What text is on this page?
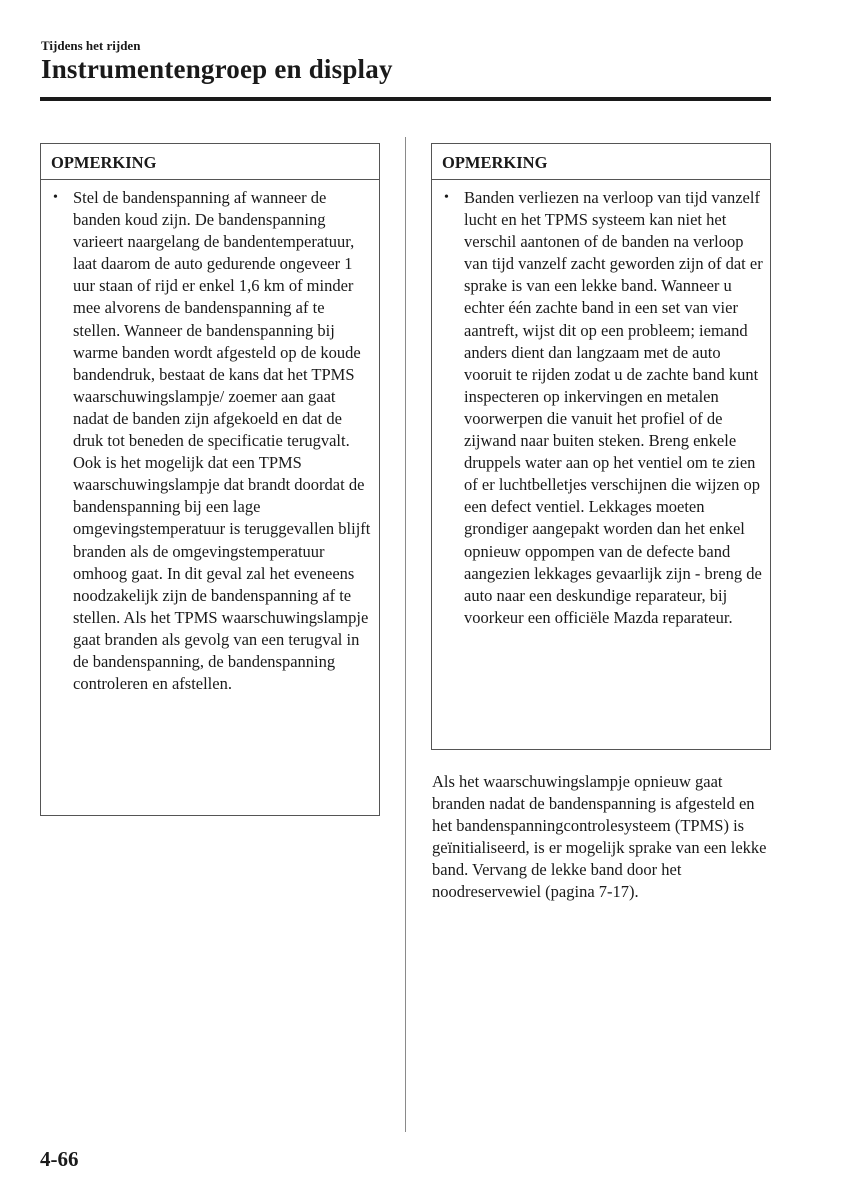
Tijdens het rijden

Instrumentengroep en display
OPMERKING
• Stel de bandenspanning af wanneer de banden koud zijn. De bandenspanning varieert naargelang de bandentemperatuur, laat daarom de auto gedurende ongeveer 1 uur staan of rijd er enkel 1,6 km of minder mee alvorens de bandenspanning af te stellen. Wanneer de bandenspanning bij warme banden wordt afgesteld op de koude bandendruk, bestaat de kans dat het TPMS waarschuwingslampje/ zoemer aan gaat nadat de banden zijn afgekoeld en dat de druk tot beneden de specificatie terugvalt.

Ook is het mogelijk dat een TPMS waarschuwingslampje dat brandt doordat de bandenspanning bij een lage omgevingstemperatuur is teruggevallen blijft branden als de omgevingstemperatuur omhoog gaat. In dit geval zal het eveneens noodzakelijk zijn de bandenspanning af te stellen. Als het TPMS waarschuwingslampje gaat branden als gevolg van een terugval in de bandenspanning, de bandenspanning controleren en afstellen.

OPMERKING
• Banden verliezen na verloop van tijd vanzelf lucht en het TPMS systeem kan niet het verschil aantonen of de banden na verloop van tijd vanzelf zacht geworden zijn of dat er sprake is van een lekke band. Wanneer u echter één zachte band in een set van vier aantreft, wijst dit op een probleem; iemand anders dient dan langzaam met de auto vooruit te rijden zodat u de zachte band kunt inspecteren op inkervingen en metalen voorwerpen die vanuit het profiel of de zijwand naar buiten steken. Breng enkele druppels water aan op het ventiel om te zien of er luchtbelletjes verschijnen die wijzen op een defect ventiel. Lekkages moeten grondiger aangepakt worden dan het enkel opnieuw oppompen van de defecte band aangezien lekkages gevaarlijk zijn - breng de auto naar een deskundige reparateur, bij voorkeur een officiële Mazda reparateur.

Als het waarschuwingslampje opnieuw gaat branden nadat de bandenspanning is afgesteld en het bandenspanningcontrolesysteem (TPMS) is geïnitialiseerd, is er mogelijk sprake van een lekke band. Vervang de lekke band door het noodreservewiel (pagina 7-17).

4-66
